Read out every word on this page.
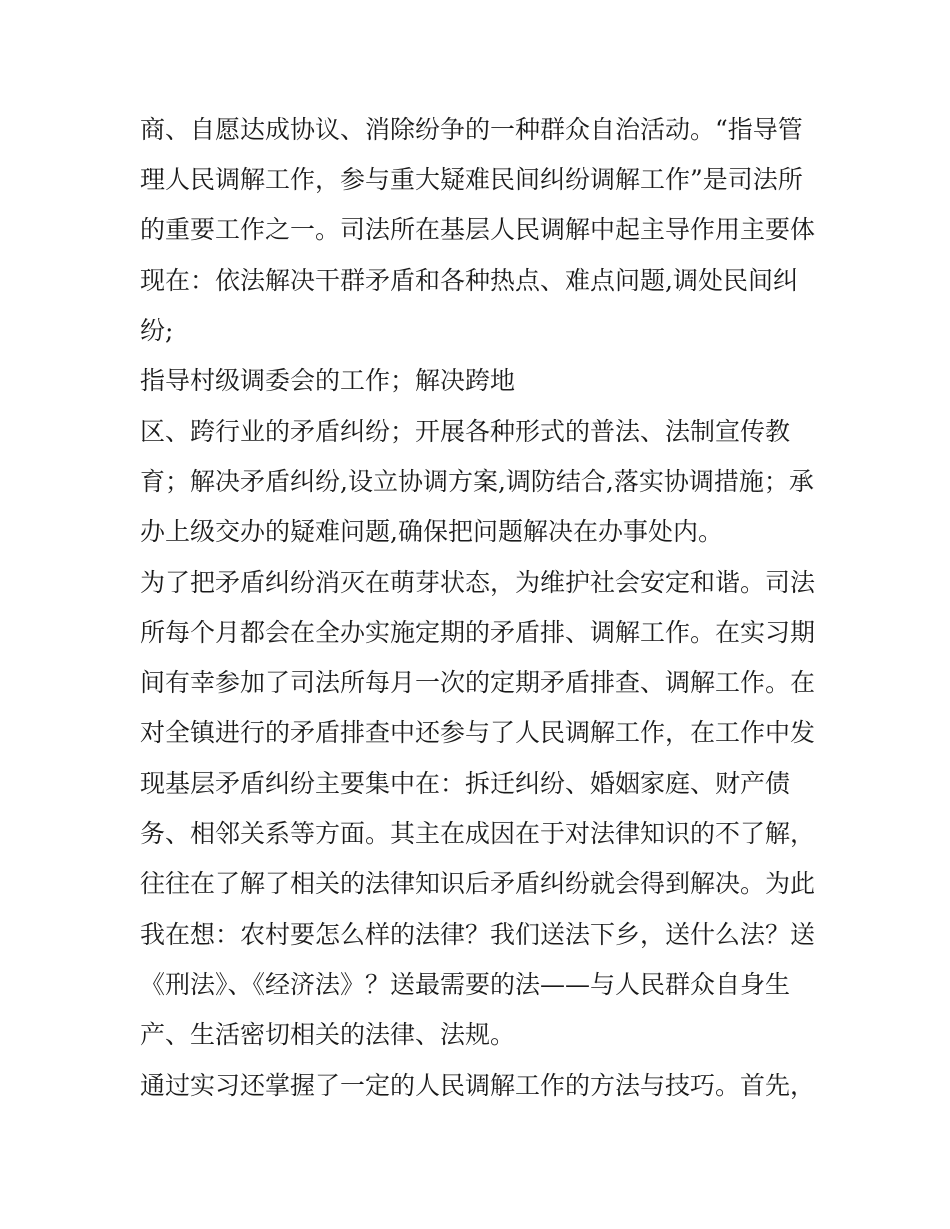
商、自愿达成协议、消除纷争的一种群众自治活动。“指导管

理人民调解工作，参与重大疑难民间纠纷调解工作”是司法所

的重要工作之一。司法所在基层人民调解中起主导作用主要体

现在：依法解决干群矛盾和各种热点、难点问题,调处民间纠

纷;

指导村级调委会的工作；解决跨地

区、跨行业的矛盾纠纷；开展各种形式的普法、法制宣传教

育；解决矛盾纠纷,设立协调方案,调防结合,落实协调措施；承

办上级交办的疑难问题,确保把问题解决在办事处内。

为了把矛盾纠纷消灭在萌芽状态，为维护社会安定和谐。司法

所每个月都会在全办实施定期的矛盾排、调解工作。在实习期

间有幸参加了司法所每月一次的定期矛盾排查、调解工作。在

对全镇进行的矛盾排查中还参与了人民调解工作，在工作中发

现基层矛盾纠纷主要集中在：拆迁纠纷、婚姻家庭、财产债

务、相邻关系等方面。其主在成因在于对法律知识的不了解，

往往在了解了相关的法律知识后矛盾纠纷就会得到解决。为此

我在想：农村要怎么样的法律？我们送法下乡，送什么法？送

《刑法》、《经济法》？送最需要的法——与人民群众自身生

产、生活密切相关的法律、法规。

通过实习还掌握了一定的人民调解工作的方法与技巧。首先，
